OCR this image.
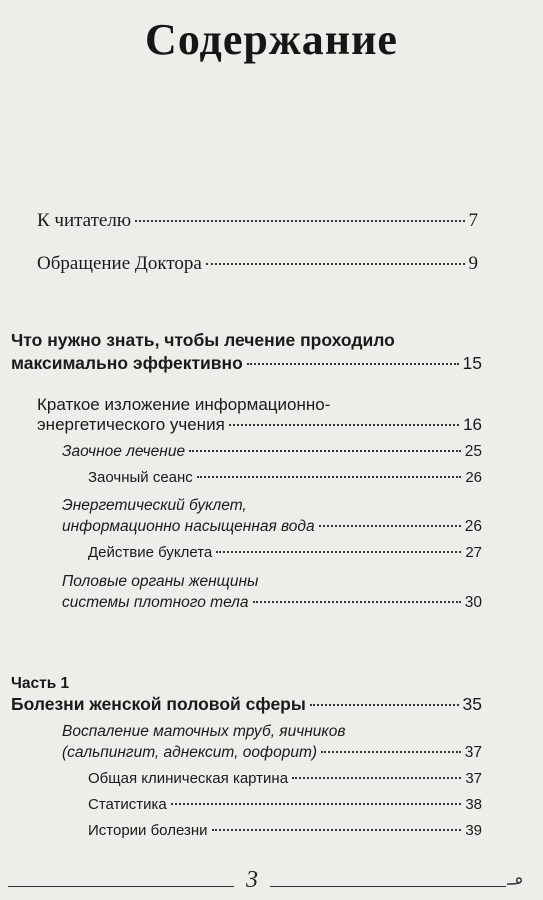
Содержание
К читателю	7
Обращение Доктора	9
Что нужно знать, чтобы лечение проходило
максимально эффективно	15
Краткое изложение информационно-
энергетического учения	16
Заочное лечение	25
Заочный сеанс	26
Энергетический буклет,
информационно насыщенная вода	26
Действие буклета	27
Половые органы женщины
системы плотного тела	30
Часть 1
Болезни женской половой сферы	35
Воспаление маточных труб, яичников
(сальпингит, аднексит, оофорит)	37
Общая клиническая картина	37
Статистика	38
Истории болезни	39
3
